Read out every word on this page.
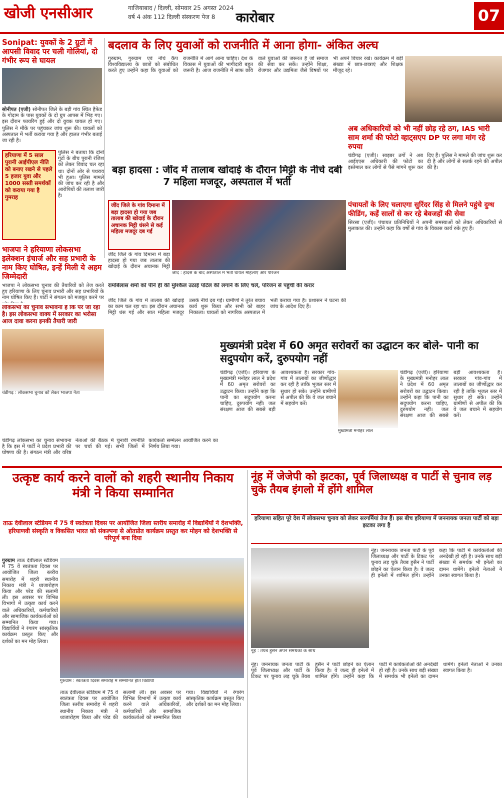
खोजी एनसीआर	गाजियाबाद / दिल्ली, सोमवार 25 अगस्त 2024
वर्ष 4 अंक 112 दिल्ली संस्करण पेज 8	कारोबार	07
Sonipat: युवकों के 2 ग्रुटों में आपसी विवाद पर चली गोलियां, दो गंभीर रूप से घायल
सोनीपत (एजी) सोनीपत जिले के बड़ी गांव स्थित हैफेड के गोदाम के पास युवकों के दो ग्रुप आपस में भिड़ गए। इस दौरान फायरिंग हुई और दो युवक घायल हो गए। पुलिस ने मौके पर पहुंचकर जांच शुरू की। घायलों को अस्पताल में भर्ती कराया गया है और हालत गंभीर बताई जा रही है।
हरियाणा में 5 साल पुरानी आईपीएल नीति को बनाए रखने से पहले 5 हजार युवा और 1000 सस्ती समर्थकों को कराया गया है गुमराह
पुलिस ने बताया कि दोनों गुटों के बीच पुरानी रंजिश को लेकर विवाद चल रहा था। दोनों ओर से पथराव भी हुआ। पुलिस मामले की जांच कर रही है और आरोपियों की तलाश जारी है।
भाजपा ने हरियाणा लोकसभा इलेक्शन इंचार्ज और सह प्रभारी के नाम किए घोषित, इन्हें मिली ये अहम जिम्मेदारी
भाजपा ने लोकसभा चुनाव की तैयारियों को तेज करते हुए हरियाणा के लिए चुनाव प्रभारी और सह प्रभारियों के नाम घोषित किए हैं। पार्टी ने संगठन को मजबूत करने पर
लोकसभा का चुनाव संभावना है कि पर जा रहा है। इस लोकसभा वाक्य में सरकार का भरोसा आज दावा करना इनकी तैयारी जारी
चंडीगढ़ : लोकसभा चुनाव को लेकर भाजपा नेता
चंडीगढ़ लोकसभा का चुनाव संभावना है कि इस में पार्टी ने प्रदेश प्रभारी की घोषणा की है। संगठन मंत्री और वरिष्ठ नेताओं की बैठक में चुनावी रणनीति पर चर्चा की गई। सभी जिलों में कार्यकर्ता सम्मेलन आयोजित करने का निर्णय लिया गया।
बदलाव के लिए युवाओं को राजनीति में आना होगा- अंकित अल्घ
गुरुग्राम, गुरुग्राम एवं नॉर्थ कैप विश्वविद्यालय के छात्रों को संबोधित करते हुए उन्होंने कहा कि युवाओं को राजनीति में आगे आना चाहिए। देश के विकास में युवाओं की भागीदारी बहुत जरूरी है। आज राजनीति में साफ छवि वाले युवाओं की जरूरत है जो समाज की सेवा कर सकें। उन्होंने शिक्षा, रोजगार और उद्यमिता जैसे विषयों पर भी अपने विचार रखे। कार्यक्रम में बड़ी संख्या में छात्र-छात्राएं और शिक्षक मौजूद रहे।
अब अधिकारियों को भी नहीं छोड़ रहे ठग, IAS भारी साम शर्मा की फोटो व्हाट्सएप DP पर लगा मांग रहे रुपया
चंडीगढ़ (एजी)। साइबर ठगों ने अब आईएएस अधिकारी की फोटो का इस्तेमाल कर लोगों से पैसे मांगने शुरू कर दिए हैं। पुलिस ने मामले की जांच शुरू कर दी है और लोगों से सतर्क रहने की अपील की है।
पंचायतों के लिए चलाएगा सुरिंदर सिंह से मिलने पहुंचे दुग्ध फीडिंग, कहें सालों से कर रहे बेवजहों की सेवा
सिरसा (एजी)। पंचायत प्रतिनिधियों ने अपनी समस्याओं को लेकर अधिकारियों से मुलाकात की। उन्होंने कहा कि वर्षों से गांव के विकास कार्य रुके हुए हैं।
बड़ा हादसा : जींद में तालाब खोदाई के दौरान मिट्टी के नीचे दबी 7 महिला मजदूर, अस्पताल में भर्ती
जींद जिले के गांव दिमाना में बड़ा हादसा हो गया जब तालाब की खोदाई के दौरान अचानक मिट्टी धंसने से कई महिला मजदूर दब गईं
जींद : हादसे के बाद अस्पताल में भर्ती घायल महिलाएं और परिजन
रामबिलास शर्मा को पीने ही की मुश्किल उठाई पोर्टल की लगाने के लिए चलें, परिजन से पहुंची की करार
जींद जिले के गांव दिमाना में बड़ा हादसा हो गया जब तालाब की खोदाई के दौरान अचानक मिट्टी
जींद जिले के गांव में तालाब की खोदाई का काम चल रहा था। इस दौरान अचानक मिट्टी धंस गई और सात महिला मजदूर उसके नीचे दब गईं। ग्रामीणों ने तुरंत बचाव कार्य शुरू किया और सभी को बाहर निकाला। घायलों को नागरिक अस्पताल में भर्ती कराया गया है। प्रशासन ने घटना की जांच के आदेश दिए हैं।
मुख्यमंत्री प्रदेश में 60 अमृत सरोवरों का उद्घाटन कर बोले- पानी का सदुपयोग करें, दुरुपयोग नहीं
चंडीगढ़ (एजी)। हरियाणा के मुख्यमंत्री मनोहर लाल ने प्रदेश में 60 अमृत सरोवरों का उद्घाटन किया। उन्होंने कहा कि पानी का सदुपयोग करना चाहिए, दुरुपयोग नहीं। जल संरक्षण आज की सबसे बड़ी आवश्यकता है। सरकार गांव-गांव में तालाबों का जीर्णोद्धार कर रही है ताकि भूजल स्तर में सुधार हो सके। उन्होंने ग्रामीणों से अपील की कि वे जल बचाने में सहयोग करें।
मुख्यमंत्री मनोहर लाल
चंडीगढ़ (एजी)। हरियाणा के मुख्यमंत्री मनोहर लाल ने प्रदेश में 60 अमृत सरोवरों का उद्घाटन किया। उन्होंने कहा कि पानी का सदुपयोग करना चाहिए, दुरुपयोग नहीं। जल संरक्षण आज की सबसे बड़ी आवश्यकता है। सरकार गांव-गांव में तालाबों का जीर्णोद्धार कर रही है ताकि भूजल स्तर में सुधार हो सके। उन्होंने ग्रामीणों से अपील की कि वे जल बचाने में सहयोग करें।
उत्कृष्ट कार्य करने वालों को शहरी स्थानीय निकाय मंत्री ने किया सम्मानित
ताऊ देवीलाल स्टेडियम में 75 वें स्वतंत्रता दिवस पर आयोजित जिला स्तरीय समारोह में विद्यार्थियों ने देशभक्ति, हरियाणवी संस्कृति व विकसित भारत को संकल्पना से ओतप्रोत कार्यक्रम प्रस्तुत कर मोहन को देशभक्ति से परिपूर्ण बना दिया
गुरुग्राम ताऊ देवीलाल स्टेडियम में 75 वें स्वतंत्रता दिवस पर आयोजित जिला स्तरीय समारोह में शहरी स्थानीय निकाय मंत्री ने ध्वजारोहण किया और परेड की सलामी ली। इस अवसर पर विभिन्न विभागों में उत्कृष्ट कार्य करने वाले अधिकारियों, कर्मचारियों और सामाजिक कार्यकर्ताओं को सम्मानित किया गया। विद्यार्थियों ने रंगारंग सांस्कृतिक कार्यक्रम प्रस्तुत किए और दर्शकों का मन मोह लिया।
गुरुग्राम : स्वतंत्रता दिवस समारोह में सम्मानित होते विद्यार्थी
ताऊ देवीलाल स्टेडियम में 75 वें स्वतंत्रता दिवस पर आयोजित जिला स्तरीय समारोह में शहरी स्थानीय निकाय मंत्री ने ध्वजारोहण किया और परेड की सलामी ली। इस अवसर पर विभिन्न विभागों में उत्कृष्ट कार्य करने वाले अधिकारियों, कर्मचारियों और सामाजिक कार्यकर्ताओं को सम्मानित किया गया। विद्यार्थियों ने रंगारंग सांस्कृतिक कार्यक्रम प्रस्तुत किए और दर्शकों का मन मोह लिया।
नूंह में जेजेपी को झटका, पूर्व जिलाध्यक्ष व पार्टी से चुनाव लड़ चुके तैयब इंगलो में होंगे शामिल
हरियाणा सहित पूरे देश में लोकसभा चुनाव को लेकर सरगर्मियां तेज हैं। इस बीच हरियाणा में जननायक जनता पार्टी को बड़ा झटका लगा है
नूंह : तैयब हुसैन अपने समर्थकों के साथ
नूंह। जननायक जनता पार्टी के पूर्व जिलाध्यक्ष और पार्टी के टिकट पर चुनाव लड़ चुके तैयब हुसैन ने पार्टी छोड़ने का ऐलान किया है। वे जल्द ही इनेलो में शामिल होंगे। उन्होंने कहा कि पार्टी में कार्यकर्ताओं की अनदेखी हो रही है। उनके साथ बड़ी संख्या में समर्थक भी इनेलो का दामन थामेंगे। इनेलो नेताओं ने उनका स्वागत किया है।
नूंह। जननायक जनता पार्टी के पूर्व जिलाध्यक्ष और पार्टी के टिकट पर चुनाव लड़ चुके तैयब हुसैन ने पार्टी छोड़ने का ऐलान किया है। वे जल्द ही इनेलो में शामिल होंगे। उन्होंने कहा कि पार्टी में कार्यकर्ताओं की अनदेखी हो रही है। उनके साथ बड़ी संख्या में समर्थक भी इनेलो का दामन थामेंगे। इनेलो नेताओं ने उनका स्वागत किया है।
